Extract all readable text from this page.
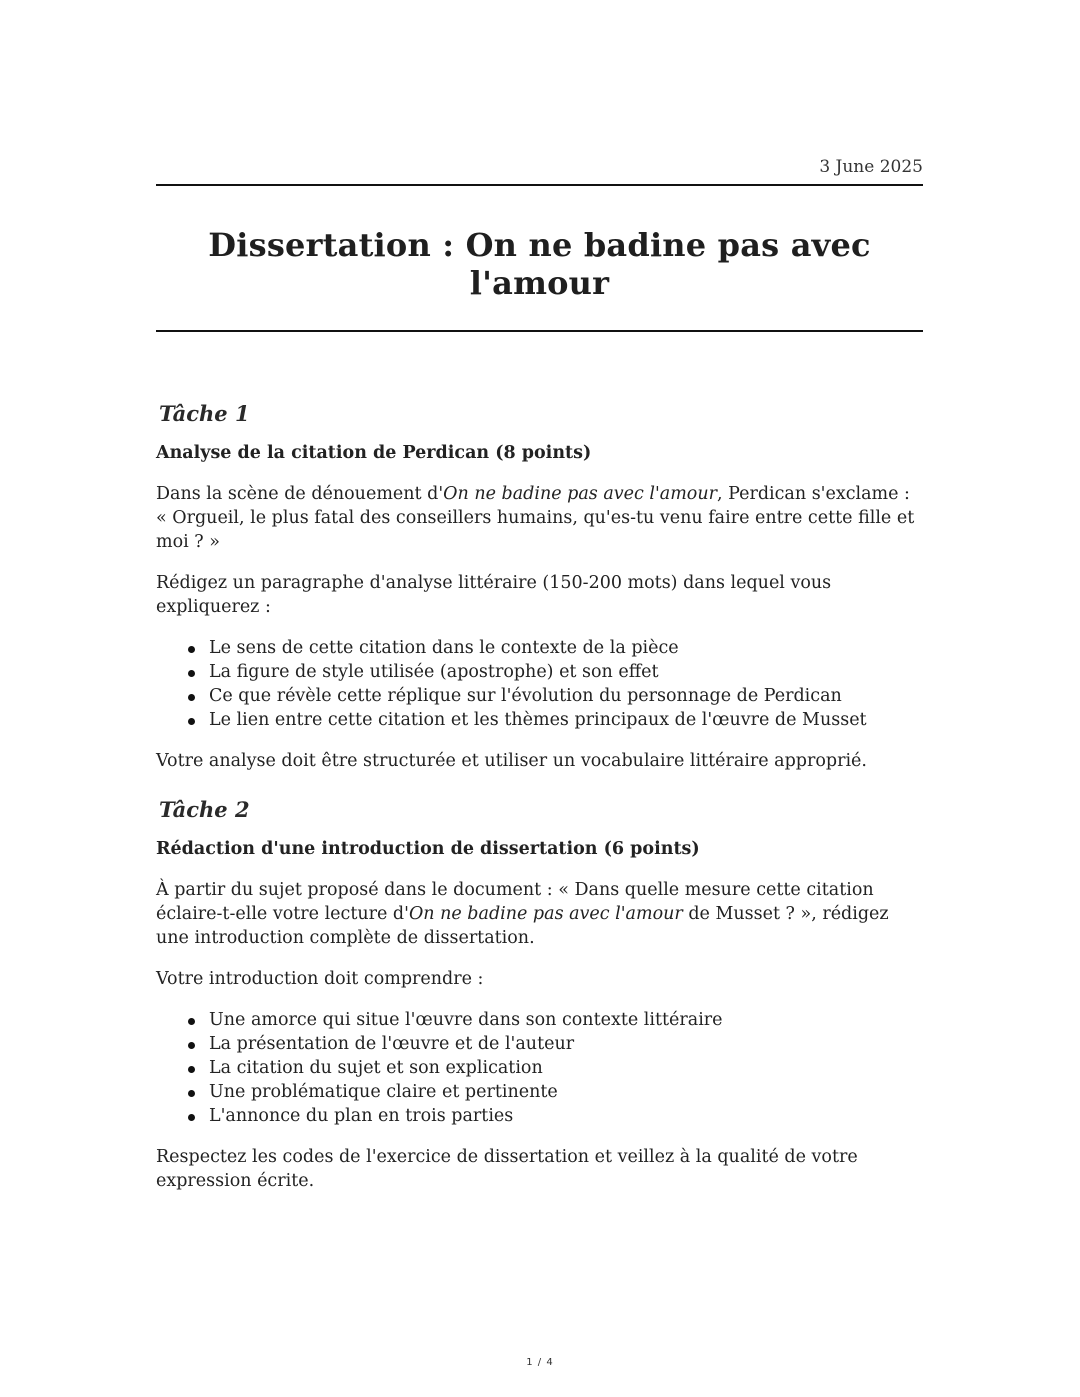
3 June 2025
Dissertation : On ne badine pas avec l'amour
Tâche 1
Analyse de la citation de Perdican (8 points)

Dans la scène de dénouement d'On ne badine pas avec l'amour, Perdican s'exclame : « Orgueil, le plus fatal des conseillers humains, qu'es-tu venu faire entre cette fille et moi ? »

Rédigez un paragraphe d'analyse littéraire (150-200 mots) dans lequel vous expliquerez :

Le sens de cette citation dans le contexte de la pièce
La figure de style utilisée (apostrophe) et son effet
Ce que révèle cette réplique sur l'évolution du personnage de Perdican
Le lien entre cette citation et les thèmes principaux de l'œuvre de Musset

Votre analyse doit être structurée et utiliser un vocabulaire littéraire approprié.

Tâche 2
Rédaction d'une introduction de dissertation (6 points)

À partir du sujet proposé dans le document : « Dans quelle mesure cette citation éclaire-t-elle votre lecture d'On ne badine pas avec l'amour de Musset ? », rédigez une introduction complète de dissertation.

Votre introduction doit comprendre :

Une amorce qui situe l'œuvre dans son contexte littéraire
La présentation de l'œuvre et de l'auteur
La citation du sujet et son explication
Une problématique claire et pertinente
L'annonce du plan en trois parties

Respectez les codes de l'exercice de dissertation et veillez à la qualité de votre expression écrite.

1 / 4
